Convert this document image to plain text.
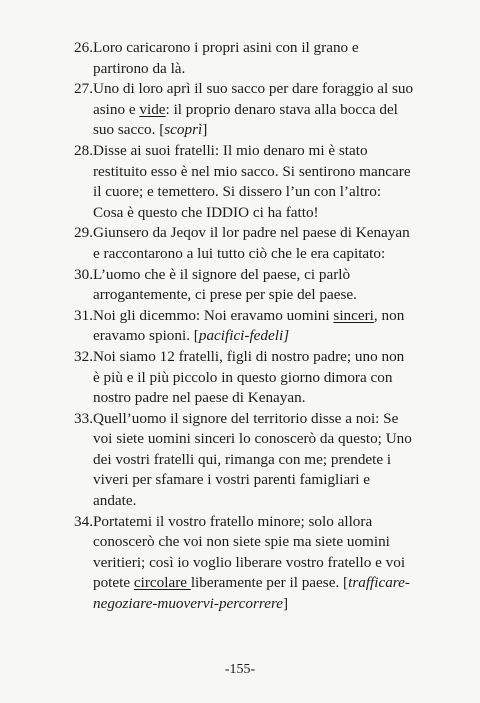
26. Loro caricarono i propri asini con il grano e partirono da là.
27. Uno di loro aprì il suo sacco per dare foraggio al suo asino e vide: il proprio denaro stava alla bocca del suo sacco. [scoprì]
28. Disse ai suoi fratelli: Il mio denaro mi è stato restituito esso è nel mio sacco. Si sentirono mancare il cuore; e temettero. Si dissero l’un con l’altro: Cosa è questo che IDDIO ci ha fatto!
29. Giunsero da Jeqov il lor padre nel paese di Kenayan e raccontarono a lui tutto ciò che le era capitato:
30. L’uomo che è il signore del paese, ci parlò arrogantemente, ci prese per spie del paese.
31. Noi gli dicemmo: Noi eravamo uomini sinceri, non eravamo spioni. [pacifici-fedeli]
32. Noi siamo 12 fratelli, figli di nostro padre; uno non è più e il più piccolo in questo giorno dimora con nostro padre nel paese di Kenayan.
33. Quell’uomo il signore del territorio disse a noi: Se voi siete uomini sinceri lo conoscerò da questo; Uno dei vostri fratelli qui, rimanga con me; prendete i viveri per sfamare i vostri parenti famigliari e andate.
34. Portatemi il vostro fratello minore; solo allora conoscerò che voi non siete spie ma siete uomini veritieri; così io voglio liberare vostro fratello e voi potete circolare liberamente per il paese. [trafficare-negoziare-muovervi-percorrere]
-155-
